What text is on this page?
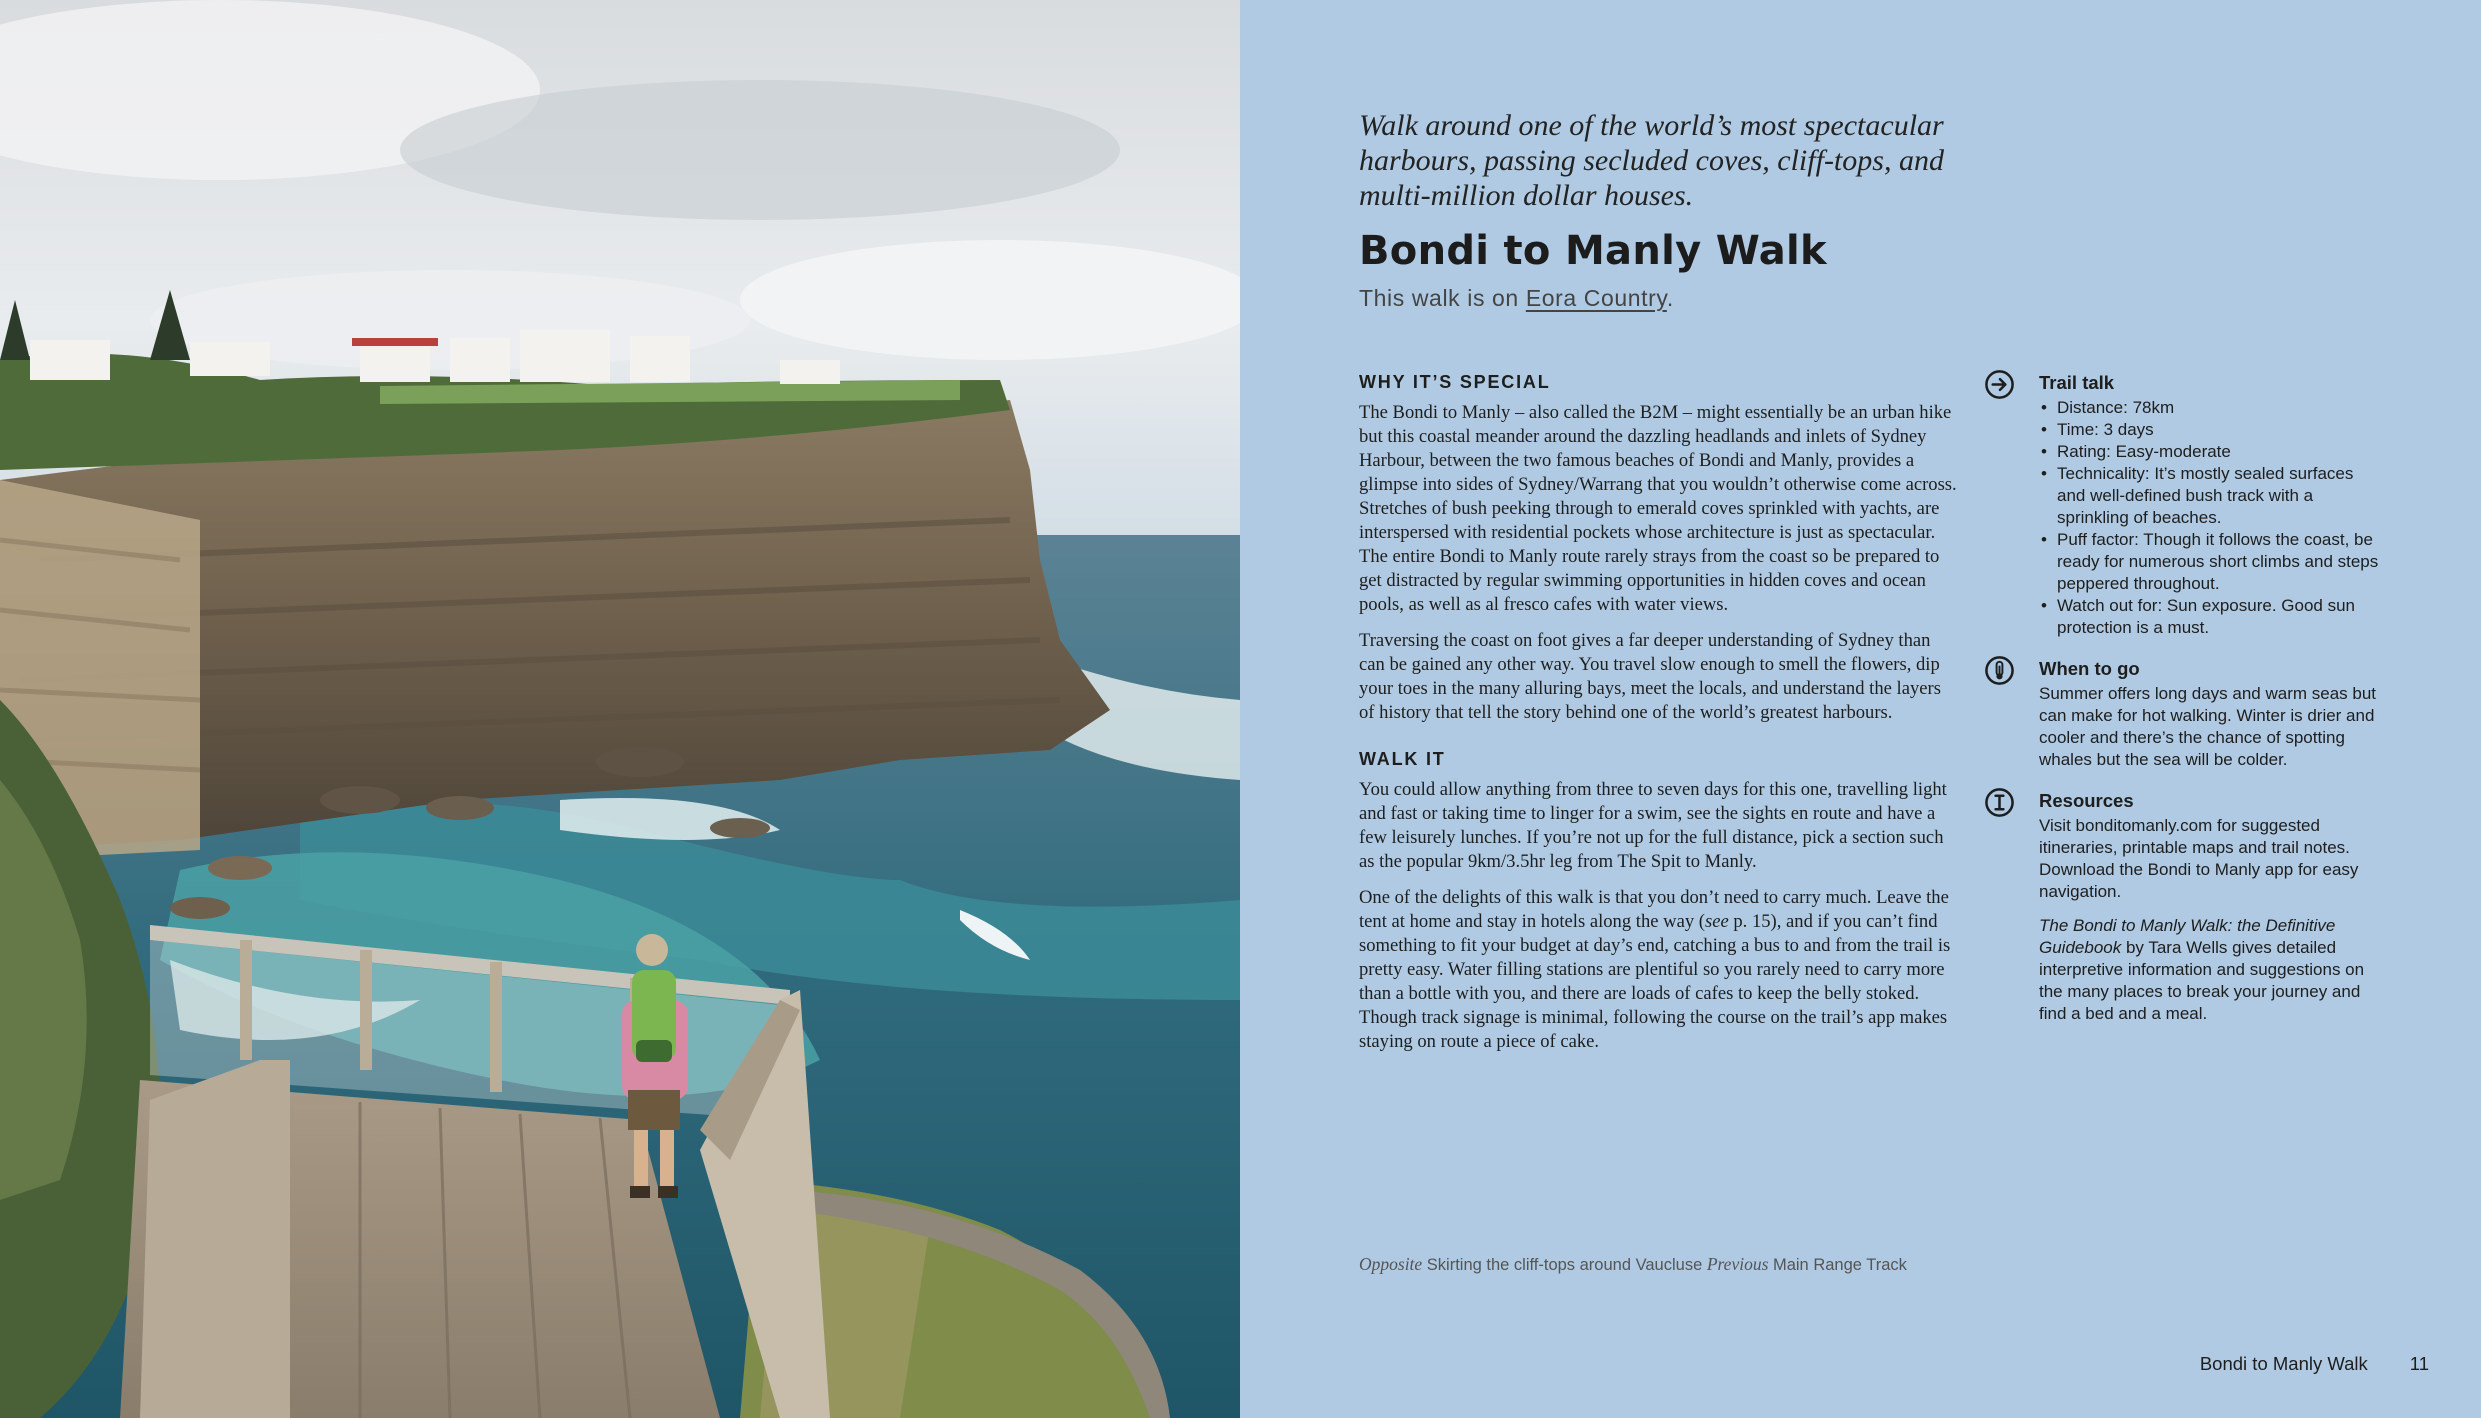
Walk around one of the world’s most spectacular harbours, passing secluded coves, cliff-tops, and multi-million dollar houses.
Bondi to Manly Walk
This walk is on Eora Country.
WHY IT’S SPECIAL

The Bondi to Manly – also called the B2M – might essentially be an urban hike but this coastal meander around the dazzling headlands and inlets of Sydney Harbour, between the two famous beaches of Bondi and Manly, provides a glimpse into sides of Sydney/Warrang that you wouldn’t otherwise come across. Stretches of bush peeking through to emerald coves sprinkled with yachts, are interspersed with residential pockets whose architecture is just as spectacular. The entire Bondi to Manly route rarely strays from the coast so be prepared to get distracted by regular swimming opportunities in hidden coves and ocean pools, as well as al fresco cafes with water views.

Traversing the coast on foot gives a far deeper understanding of Sydney than can be gained any other way. You travel slow enough to smell the flowers, dip your toes in the many alluring bays, meet the locals, and understand the layers of history that tell the story behind one of the world’s greatest harbours.

WALK IT

You could allow anything from three to seven days for this one, travelling light and fast or taking time to linger for a swim, see the sights en route and have a few leisurely lunches. If you’re not up for the full distance, pick a section such as the popular 9km/3.5hr leg from The Spit to Manly.

One of the delights of this walk is that you don’t need to carry much. Leave the tent at home and stay in hotels along the way (see p. 15), and if you can’t find something to fit your budget at day’s end, catching a bus to and from the trail is pretty easy. Water filling stations are plentiful so you rarely need to carry more than a bottle with you, and there are loads of cafes to keep the belly stoked. Though track signage is minimal, following the course on the trail’s app makes staying on route a piece of cake.

Trail talk
• Distance: 78km
• Time: 3 days
• Rating: Easy-moderate
• Technicality: It’s mostly sealed surfaces and well-defined bush track with a sprinkling of beaches.
• Puff factor: Though it follows the coast, be ready for numerous short climbs and steps peppered throughout.
• Watch out for: Sun exposure. Good sun protection is a must.
When to go
Summer offers long days and warm seas but can make for hot walking. Winter is drier and cooler and there’s the chance of spotting whales but the sea will be colder.
Resources
Visit bonditomanly.com for suggested itineraries, printable maps and trail notes. Download the Bondi to Manly app for easy navigation.
The Bondi to Manly Walk: the Definitive Guidebook by Tara Wells gives detailed interpretive information and suggestions on the many places to break your journey and find a bed and a meal.
Opposite Skirting the cliff-tops around Vaucluse Previous Main Range Track
Bondi to Manly Walk 11
